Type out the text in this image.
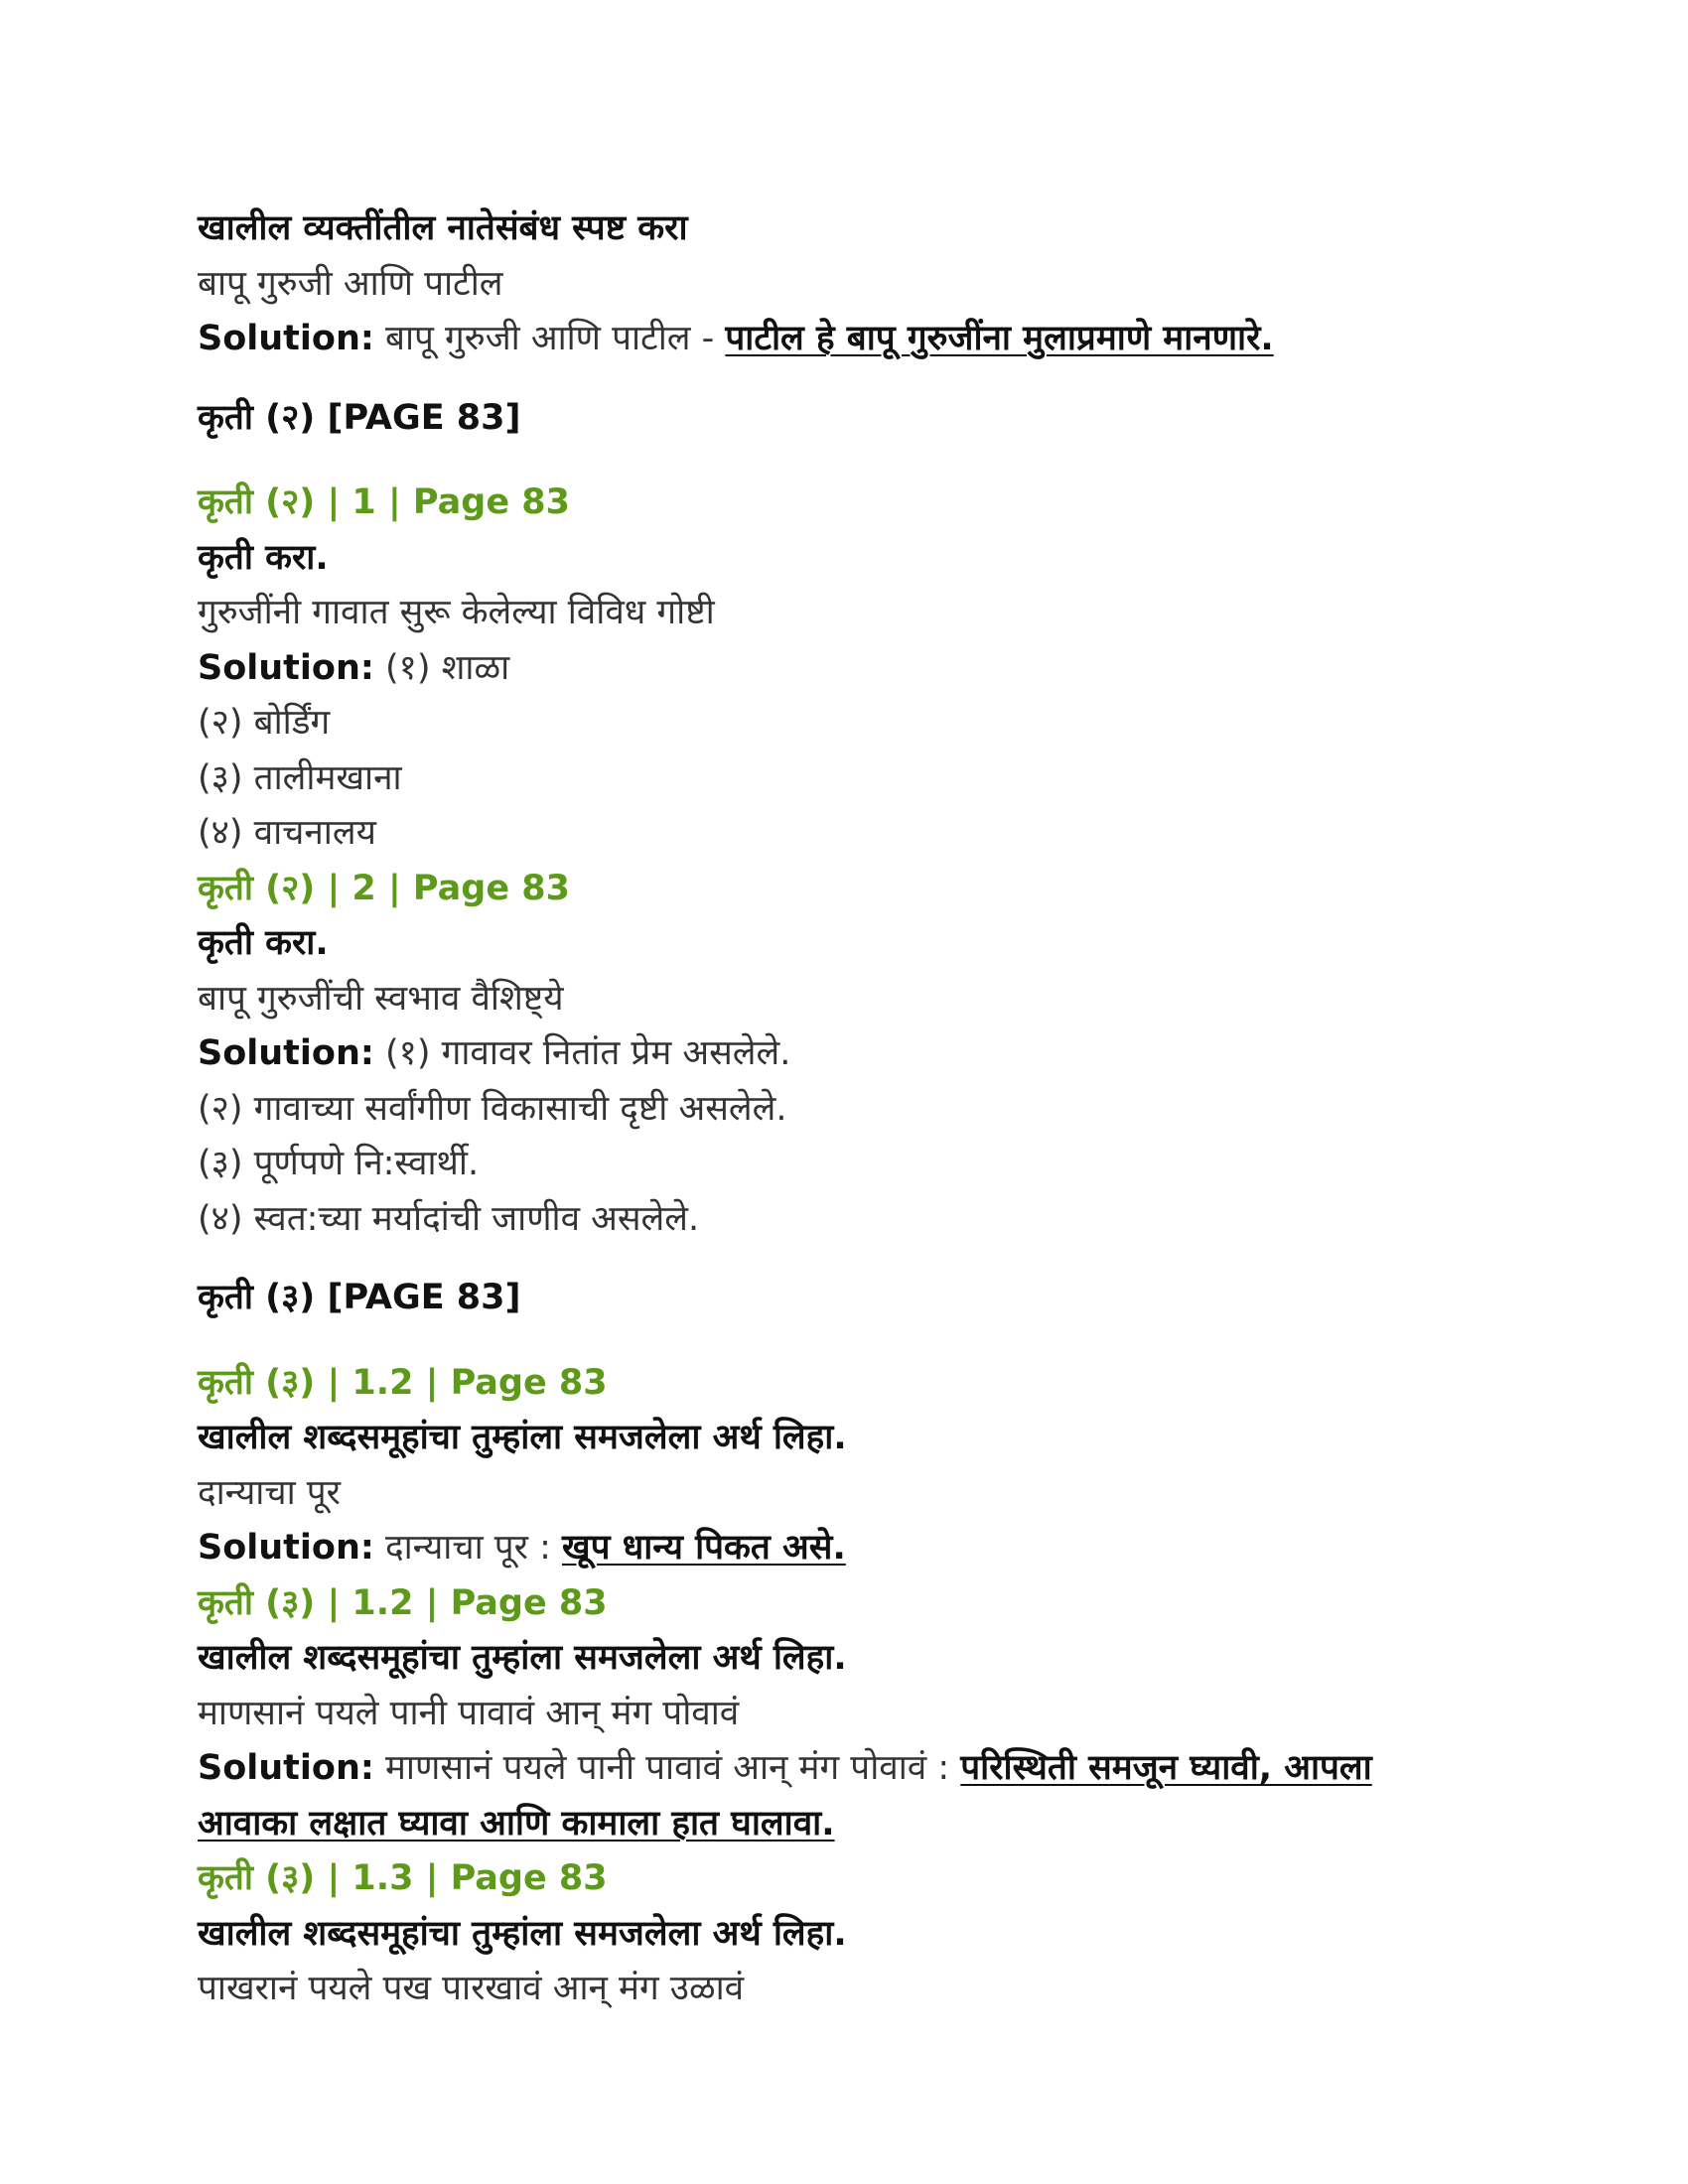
खालील व्यक्तींतील नातेसंबंध स्पष्ट करा
बापू गुरुजी आणि पाटील
Solution: बापू गुरुजी आणि पाटील - पाटील हे बापू गुरुजींना मुलाप्रमाणे मानणारे.
कृती (२) [PAGE 83]
कृती (२) | 1 | Page 83
कृती करा.
गुरुजींनी गावात सुरू केलेल्या विविध गोष्टी
Solution: (१) शाळा
(२) बोर्डिंग
(३) तालीमखाना
(४) वाचनालय
कृती (२) | 2 | Page 83
कृती करा.
बापू गुरुजींची स्वभाव वैशिष्ट्ये
Solution: (१) गावावर नितांत प्रेम असलेले.
(२) गावाच्या सर्वांगीण विकासाची दृष्टी असलेले.
(३) पूर्णपणे नि:स्वार्थी.
(४) स्वत:च्या मर्यादांची जाणीव असलेले.
कृती (३) [PAGE 83]
कृती (३) | 1.2 | Page 83
खालील शब्दसमूहांचा तुम्हांला समजलेला अर्थ लिहा.
दान्याचा पूर
Solution: दान्याचा पूर : खूप धान्य पिकत असे.
कृती (३) | 1.2 | Page 83
खालील शब्दसमूहांचा तुम्हांला समजलेला अर्थ लिहा.
माणसानं पयले पानी पावावं आन् मंग पोवावं
Solution: माणसानं पयले पानी पावावं आन् मंग पोवावं : परिस्थिती समजून घ्यावी, आपला
आवाका लक्षात घ्यावा आणि कामाला हात घालावा.
कृती (३) | 1.3 | Page 83
खालील शब्दसमूहांचा तुम्हांला समजलेला अर्थ लिहा.
पाखरानं पयले पख पारखावं आन् मंग उळावं
